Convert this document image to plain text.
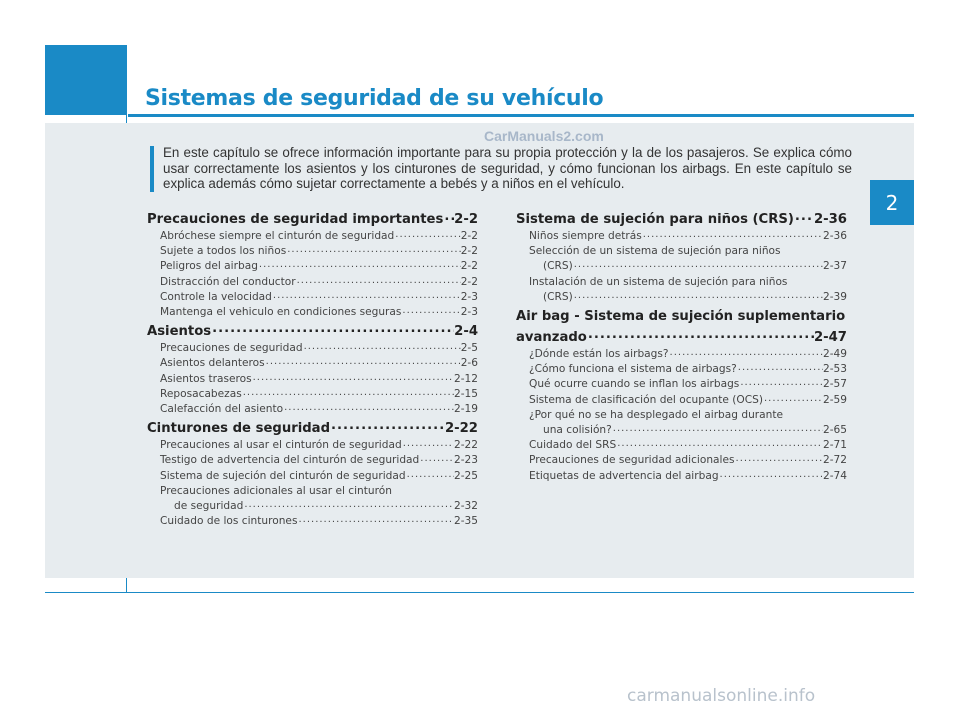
Sistemas de seguridad de su vehículo
CarManuals2.com
En este capítulo se ofrece información importante para su propia protección y la de los pasajeros. Se explica cómo usar correctamente los asientos y los cinturones de seguridad, y cómo funcionan los airbags. En este capítulo se explica además cómo sujetar correctamente a bebés y a niños en el vehículo.
2
Precauciones de seguridad importantes ..... 2-2
Abróchese siempre el cinturón de seguridad .....	2-2
Sujete a todos los niños .....	2-2
Peligros del airbag .....	2-2
Distracción del conductor .....	2-2
Controle la velocidad .....	2-3
Mantenga el vehiculo en condiciones seguras .....	2-3
Asientos .....	2-4
Precauciones de seguridad .....	2-5
Asientos delanteros .....	2-6
Asientos traseros .....	2-12
Reposacabezas .....	2-15
Calefacción del asiento .....	2-19
Cinturones de seguridad .....	2-22
Precauciones al usar el cinturón de seguridad .....	2-22
Testigo de advertencia del cinturón de seguridad .....	2-23
Sistema de sujeción del cinturón de seguridad .....	2-25
Precauciones adicionales al usar el cinturón
de seguridad .....	2-32
Cuidado de los cinturones .....	2-35
Sistema de sujeción para niños (CRS) ..... 2-36
Niños siempre detrás .....	2-36
Selección de un sistema de sujeción para niños
(CRS) .....	2-37
Instalación de un sistema de sujeción para niños
(CRS) .....	2-39
Air bag - Sistema de sujeción suplementario
avanzado .....	2-47
¿Dónde están los airbags? .....	2-49
¿Cómo funciona el sistema de airbags? .....	2-53
Qué ocurre cuando se inflan los airbags .....	2-57
Sistema de clasificación del ocupante (OCS) .....	2-59
¿Por qué no se ha desplegado el airbag durante
una colisión? .....	2-65
Cuidado del SRS .....	2-71
Precauciones de seguridad adicionales .....	2-72
Etiquetas de advertencia del airbag .....	2-74
carmanualsonline.info
